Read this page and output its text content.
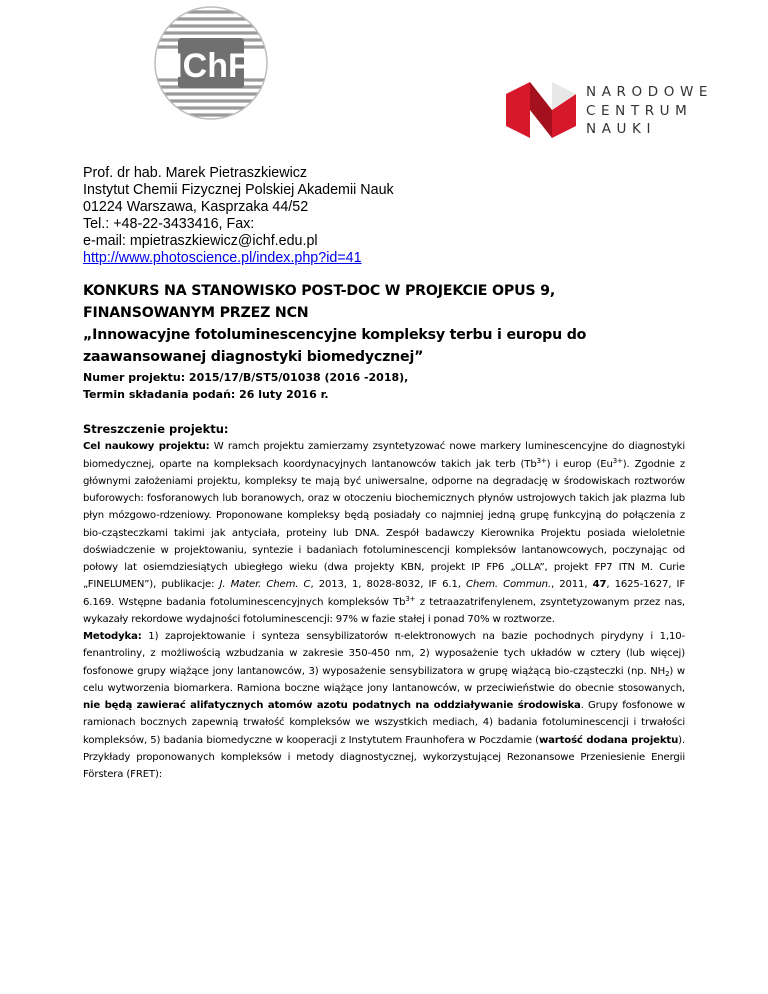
IChF
NARODOWE
CENTRUM
NAUKI
Prof. dr hab. Marek Pietraszkiewicz
Instytut Chemii Fizycznej Polskiej Akademii Nauk
01224 Warszawa, Kasprzaka 44/52
Tel.: +48-22-3433416, Fax:
e-mail: mpietraszkiewicz@ichf.edu.pl
http://www.photoscience.pl/index.php?id=41
KONKURS NA STANOWISKO POST-DOC W PROJEKCIE OPUS 9,
FINANSOWANYM PRZEZ NCN
„Innowacyjne fotoluminescencyjne kompleksy terbu i europu do
zaawansowanej diagnostyki biomedycznej”
Numer projektu: 2015/17/B/ST5/01038 (2016 -2018),
Termin składania podań: 26 luty 2016 r.
Streszczenie projektu:

Cel naukowy projektu: W ramch projektu zamierzamy zsyntetyzować nowe markery luminescencyjne do diagnostyki biomedycznej, oparte na kompleksach koordynacyjnych lantanowców takich jak terb $(Tb^{3+})$ i europ $(Eu^{3+})$. Zgodnie z głównymi założeniami projektu, kompleksy te mają być uniwersalne, odporne na degradację w środowiskach roztworów buforowych: fosforanowych lub boranowych, oraz w otoczeniu biochemicznych płynów ustrojowych takich jak plazma lub płyn mózgowo-rdzeniowy. Proponowane kompleksy będą posiadały co najmniej jedną grupę funkcyjną do połączenia z bio-cząsteczkami takimi jak antyciała, proteiny lub DNA. Zespół badawczy Kierownika Projektu posiada wieloletnie doświadczenie w projektowaniu, syntezie i badaniach fotoluminescencji kompleksów lantanowcowych, poczynając od połowy lat osiemdziesiątych ubiegłego wieku (dwa projekty KBN, projekt IP FP6 „OLLA”, projekt FP7 ITN M. Curie „FINELUMEN”), publikacje: J. Mater. Chem. C, 2013, 1, 8028-8032, IF 6.1, Chem. Commun., 2011, 47, 1625-1627, IF 6.169. Wstępne badania fotoluminescencyjnych kompleksów $Tb^{3+}$ z tetraazatrifenylenem, zsyntetyzowanym przez nas, wykazały rekordowe wydajności fotoluminescencji: 97% w fazie stałej i ponad 70% w roztworze.

Metodyka: 1) zaprojektowanie i synteza sensybilizatorów π-elektronowych na bazie pochodnych pirydyny i 1,10-fenantroliny, z możliwością wzbudzania w zakresie 350-450 nm, 2) wyposażenie tych układów w cztery (lub więcej) fosfonowe grupy wiążące jony lantanowców, 3) wyposażenie sensybilizatora w grupę wiążącą bio-cząsteczki (np. $NH_2$) w celu wytworzenia biomarkera. Ramiona boczne wiążące jony lantanowców, w przeciwieństwie do obecnie stosowanych, nie będą zawierać alifatycznych atomów azotu podatnych na oddziaływanie środowiska. Grupy fosfonowe w ramionach bocznych zapewnią trwałość kompleksów we wszystkich mediach, 4) badania fotoluminescencji i trwałości kompleksów, 5) badania biomedyczne w kooperacji z Instytutem Fraunhofera w Poczdamie (wartość dodana projektu). Przykłady proponowanych kompleksów i metody diagnostycznej, wykorzystującej Rezonansowe Przeniesienie Energii Förstera (FRET):
